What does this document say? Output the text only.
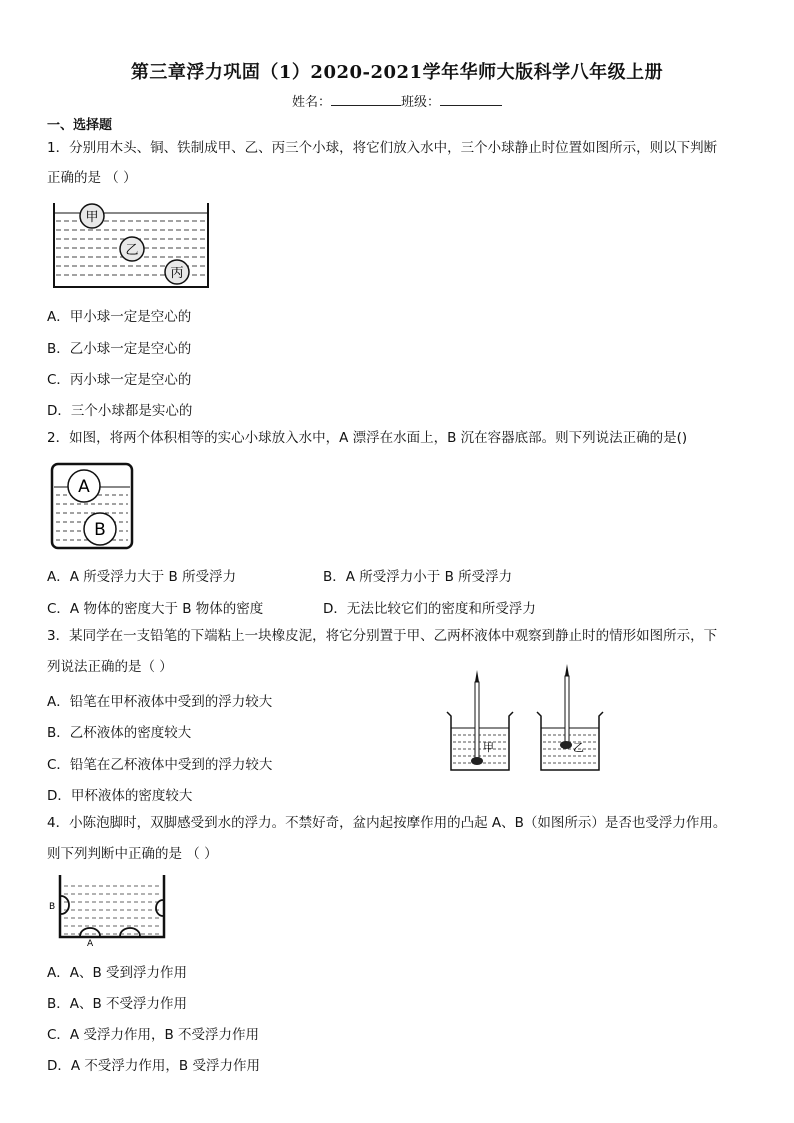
第三章浮力巩固（1）2020-2021学年华师大版科学八年级上册
姓名：	班级：
一、选择题
1．分别用木头、铜、铁制成甲、乙、丙三个小球，将它们放入水中，三个小球静止时位置如图所示，则以下判断
正确的是 （ ）
甲
乙
丙
A．甲小球一定是空心的
B．乙小球一定是空心的
C．丙小球一定是空心的
D．三个小球都是实心的
2．如图，将两个体积相等的实心小球放入水中，A 漂浮在水面上，B 沉在容器底部。则下列说法正确的是()
A
B
A．A 所受浮力大于 B 所受浮力	B．A 所受浮力小于 B 所受浮力
C．A 物体的密度大于 B 物体的密度	D．无法比较它们的密度和所受浮力
3．某同学在一支铅笔的下端粘上一块橡皮泥，将它分别置于甲、乙两杯液体中观察到静止时的情形如图所示，下
列说法正确的是（ ）
A．铅笔在甲杯液体中受到的浮力较大
B．乙杯液体的密度较大
C．铅笔在乙杯液体中受到的浮力较大
D．甲杯液体的密度较大
甲	乙
4．小陈泡脚时，双脚感受到水的浮力。不禁好奇，盆内起按摩作用的凸起 A、B（如图所示）是否也受浮力作用。
则下列判断中正确的是 （ ）
B
A
A．A、B 受到浮力作用
B．A、B 不受浮力作用
C．A 受浮力作用，B 不受浮力作用
D．A 不受浮力作用，B 受浮力作用
